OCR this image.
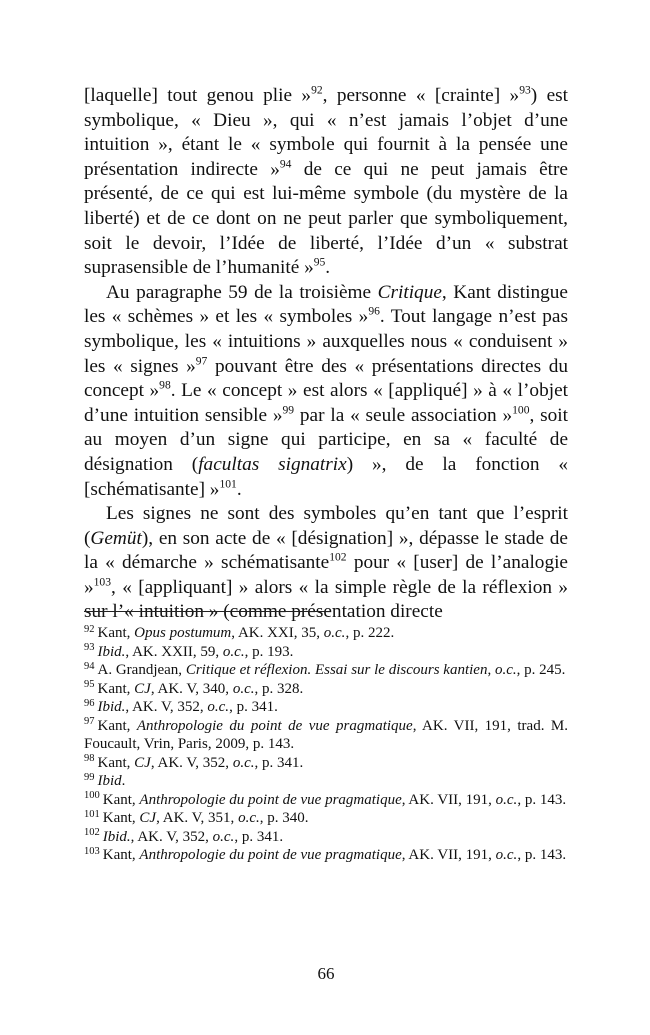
[laquelle] tout genou plie »$^{92}$, personne « [crainte] »$^{93}$) est symbolique, « Dieu », qui « n’est jamais l’objet d’une intuition », étant le « symbole qui fournit à la pensée une présentation indirecte »$^{94}$ de ce qui ne peut jamais être présenté, de ce qui est lui-même symbole (du mystère de la liberté) et de ce dont on ne peut parler que symboliquement, soit le devoir, l’Idée de liberté, l’Idée d’un « substrat suprasensible de l’humanité »$^{95}$.

Au paragraphe 59 de la troisième Critique, Kant distingue les « schèmes » et les « symboles »$^{96}$. Tout langage n’est pas symbolique, les « intuitions » auxquelles nous « conduisent » les « signes »$^{97}$ pouvant être des « présentations directes du concept »$^{98}$. Le « concept » est alors « [appliqué] » à « l’objet d’une intuition sensible »$^{99}$ par la « seule association »$^{100}$, soit au moyen d’un signe qui participe, en sa « faculté de désignation (facultas signatrix) », de la fonction « [schématisante] »$^{101}$.

Les signes ne sont des symboles qu’en tant que l’esprit (Gemüt), en son acte de « [désignation] », dépasse le stade de la « démarche » schématisante$^{102}$ pour « [user] de l’analogie »$^{103}$, « [appliquant] » alors « la simple règle de la réflexion » sur l’« intuition » (comme présentation directe

$^{92}$ Kant, Opus postumum, AK. XXI, 35, o.c., p. 222.

$^{93}$ Ibid., AK. XXII, 59, o.c., p. 193.

$^{94}$ A. Grandjean, Critique et réflexion. Essai sur le discours kantien, o.c., p. 245.

$^{95}$ Kant, CJ, AK. V, 340, o.c., p. 328.

$^{96}$ Ibid., AK. V, 352, o.c., p. 341.

$^{97}$ Kant, Anthropologie du point de vue pragmatique, AK. VII, 191, trad. M. Foucault, Vrin, Paris, 2009, p. 143.

$^{98}$ Kant, CJ, AK. V, 352, o.c., p. 341.

$^{99}$ Ibid.

$^{100}$ Kant, Anthropologie du point de vue pragmatique, AK. VII, 191, o.c., p. 143.

$^{101}$ Kant, CJ, AK. V, 351, o.c., p. 340.

$^{102}$ Ibid., AK. V, 352, o.c., p. 341.

$^{103}$ Kant, Anthropologie du point de vue pragmatique, AK. VII, 191, o.c., p. 143.

66
